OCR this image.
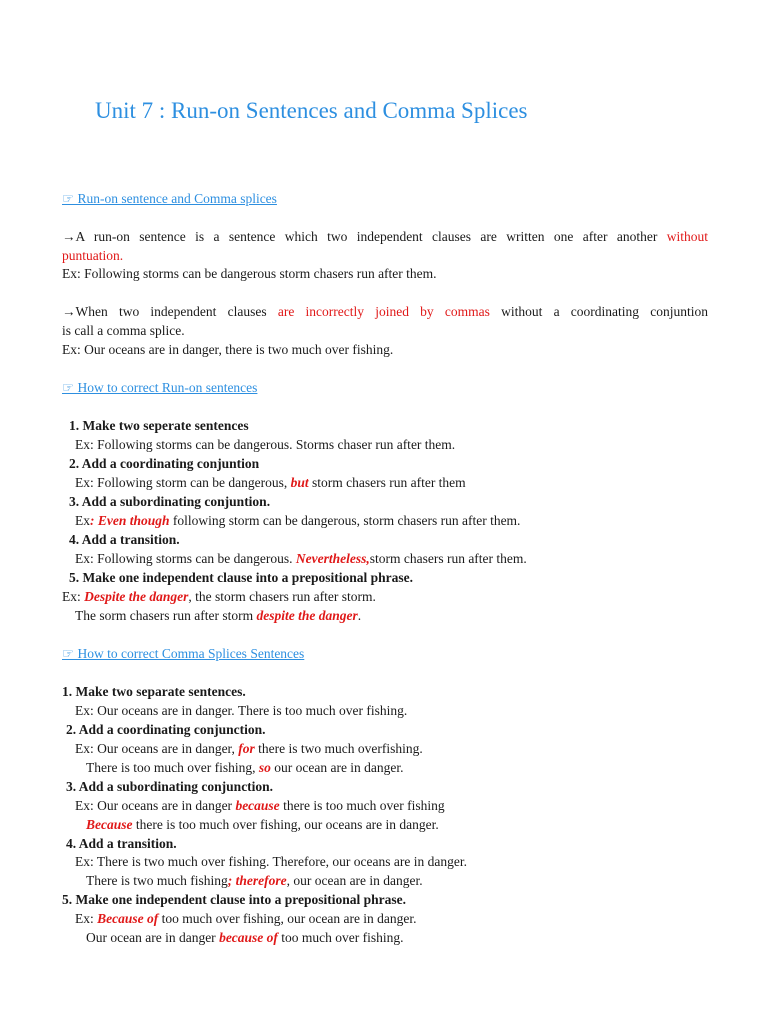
Unit 7 : Run-on Sentences and Comma Splices
☞ Run-on sentence and Comma splices
→A run-on sentence is a sentence which two independent clauses are written one after another without
puntuation.
Ex: Following storms can be dangerous storm chasers run after them.
→When two independent clauses are incorrectly joined by commas without a coordinating conjuntion
is call a comma splice.
Ex: Our oceans are in danger, there is two much over fishing.
☞ How to correct Run-on sentences
1. Make two seperate sentences
Ex: Following storms can be dangerous. Storms chaser run after them.
2. Add a coordinating conjuntion
Ex: Following storm can be dangerous, but storm chasers run after them
3. Add a subordinating conjuntion.
Ex: Even though following storm can be dangerous, storm chasers run after them.
4. Add a transition.
Ex: Following storms can be dangerous. Nevertheless,storm chasers run after them.
5. Make one independent clause into a prepositional phrase.
Ex: Despite the danger, the storm chasers run after storm.
The sorm chasers run after storm despite the danger.
☞ How to correct Comma Splices Sentences
1. Make two separate sentences.
Ex: Our oceans are in danger. There is too much over fishing.
2. Add a coordinating conjunction.
Ex: Our oceans are in danger, for there is two much overfishing.
There is too much over fishing, so our ocean are in danger.
3. Add a subordinating conjunction.
Ex: Our oceans are in danger because there is too much over fishing
Because there is too much over fishing, our oceans are in danger.
4. Add a transition.
Ex: There is two much over fishing. Therefore, our oceans are in danger.
There is two much fishing; therefore, our ocean are in danger.
5. Make one independent clause into a prepositional phrase.
Ex: Because of too much over fishing, our ocean are in danger.
Our ocean are in danger because of too much over fishing.
